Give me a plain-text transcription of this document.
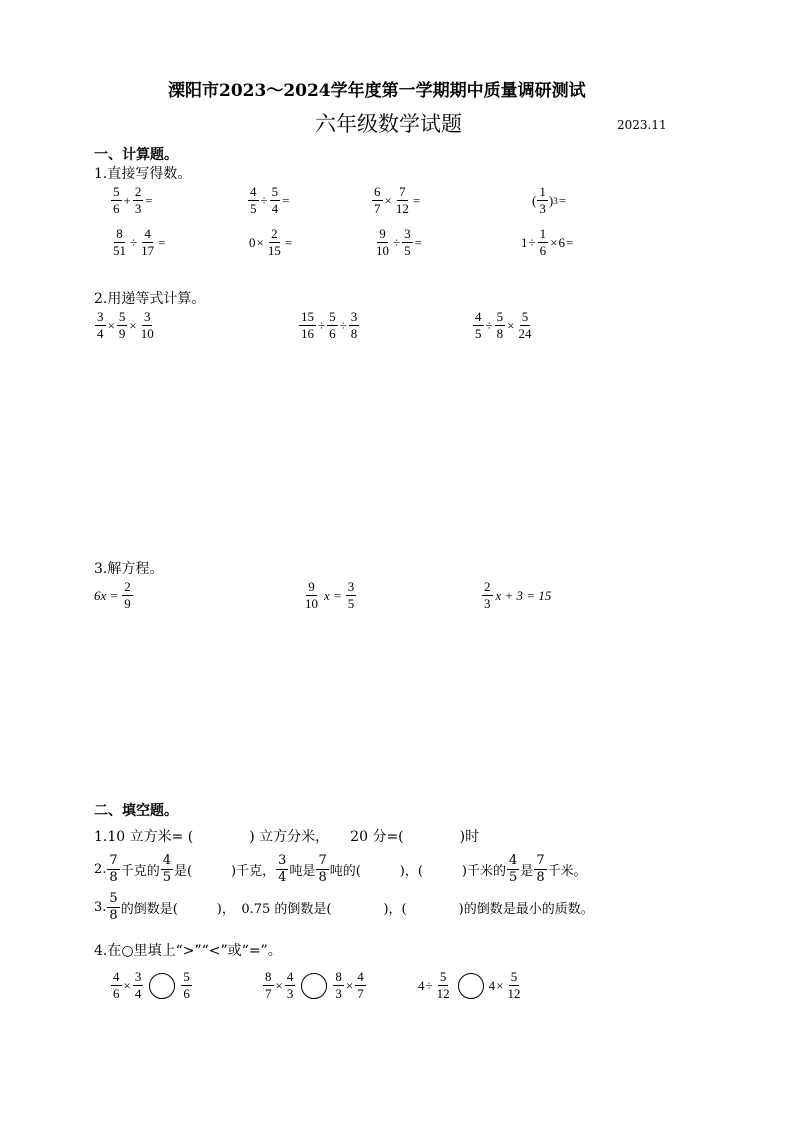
溧阳市2023～2024学年度第一学期期中质量调研测试
六年级数学试题	2023.11
一、计算题。
1.直接写得数。
$\frac{5}{6} + \frac{2}{3}$ =	$\frac{4}{5} \div \frac{5}{4}$ =	$\frac{6}{7} \times \frac{7}{12}$ =	( $\frac{1}{3}$ ) 3 =
$\frac{8}{51} \div \frac{4}{17}$ =	$0 \times \frac{2}{15}$ =	$\frac{9}{10} \div \frac{3}{5}$ =	$1 \div \frac{1}{6} \times 6$ =
2.用递等式计算。
$\frac{3}{4} \times \frac{5}{9} \times \frac{3}{10}$	$\frac{15}{16} \div \frac{5}{6} \div \frac{3}{8}$	$\frac{4}{5} \div \frac{5}{8} \times \frac{5}{24}$
3.解方程。
$6x = \frac{2}{9}$	$\frac{9}{10}$ $x = \frac{3}{5}$	$\frac{2}{3}$ x + 3 = 15
二、填空题。
1.10 立方米= (　　　　) 立方分米，　　20 分=(　　　　)时
2. $\frac{7}{8}$ 千克的 $\frac{4}{5}$ 是(　　　)千克， $\frac{3}{4}$ 吨是 $\frac{7}{8}$ 吨的(　　　)，(　　　)千米的 $\frac{4}{5}$ 是 $\frac{7}{8}$ 千米。
3. $\frac{5}{8}$ 的倒数是(　　　)，　0.75 的倒数是(　　　　)，(　　　　)的倒数是最小的质数。
4.在○里填上“>”“<”或“=”。
$\frac{4}{6} \times \frac{3}{4}$	$\frac{5}{6}$	$\frac{8}{7} \times \frac{4}{3}$	$\frac{8}{3} \times \frac{4}{7}$	$4 \div \frac{5}{12}$	$4 \times \frac{5}{12}$
